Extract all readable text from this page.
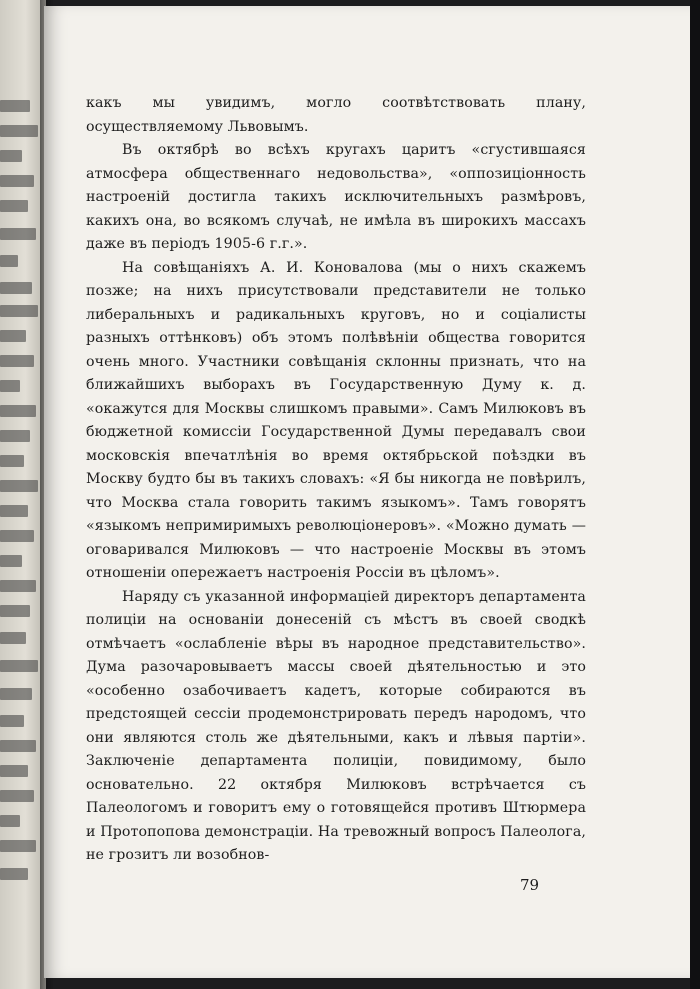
какъ мы увидимъ, могло соотвѣтствовать плану, осуществляемому Львовымъ.

Въ октябрѣ во всѣхъ кругахъ царитъ «сгустившаяся атмосфера общественнаго недовольства», «оппозиціонность настроеній достигла такихъ исключительныхъ размѣровъ, какихъ она, во всякомъ случаѣ, не имѣла въ широкихъ массахъ даже въ періодъ 1905-6 г.г.».

На совѣщаніяхъ А. И. Коновалова (мы о нихъ скажемъ позже; на нихъ присутствовали представители не только либеральныхъ и радикальныхъ круговъ, но и соціалисты разныхъ оттѣнковъ) объ этомъ полѣвѣніи общества говорится очень много. Участники совѣщанія склонны признать, что на ближайшихъ выборахъ въ Государственную Думу к. д. «окажутся для Москвы слишкомъ правыми». Самъ Милюковъ въ бюджетной комиссіи Государственной Думы передавалъ свои московскія впечатлѣнія во время октябрьской поѣздки въ Москву будто бы въ такихъ словахъ: «Я бы никогда не повѣрилъ, что Москва стала говорить такимъ языкомъ». Тамъ говорятъ «языкомъ непримиримыхъ революціонеровъ». «Можно думать — оговаривался Милюковъ — что настроеніе Москвы въ этомъ отношеніи опережаетъ настроенія Россіи въ цѣломъ».

Наряду съ указанной информаціей директоръ департамента полиціи на основаніи донесеній съ мѣстъ въ своей сводкѣ отмѣчаетъ «ослабленіе вѣры въ народное представительство». Дума разочаровываетъ массы своей дѣятельностью и это «особенно озабочиваетъ кадетъ, которые собираются въ предстоящей сессіи продемонстрировать передъ народомъ, что они являются столь же дѣятельными, какъ и лѣвыя партіи». Заключеніе департамента полиціи, повидимому, было основательно. 22 октября Милюковъ встрѣчается съ Палеологомъ и говоритъ ему о готовящейся противъ Штюрмера и Протопопова демонстраціи. На тревожный вопросъ Палеолога, не грозитъ ли возобнов-

79
